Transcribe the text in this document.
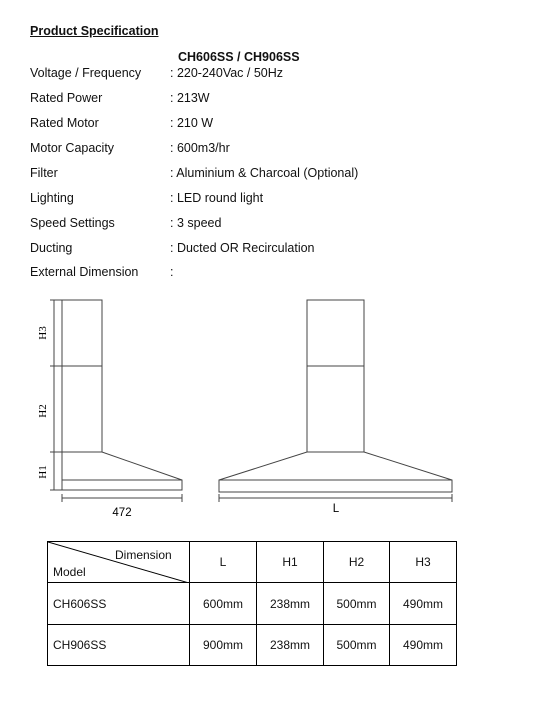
Product Specification
CH606SS / CH906SS
Voltage / Frequency : 220-240Vac / 50Hz
Rated Power	: 213W
Rated Motor	: 210 W
Motor Capacity	: 600m3/hr
Filter	: Aluminium & Charcoal (Optional)
Lighting	: LED round light
Speed Settings	: 3 speed
Ducting	: Ducted OR Recirculation
External Dimension	:
H3
H2
H1
472	L
Dimension
Model	L	H1	H2	H3
CH606SS	600mm	238mm	500mm	490mm
CH906SS	900mm	238mm	500mm	490mm
